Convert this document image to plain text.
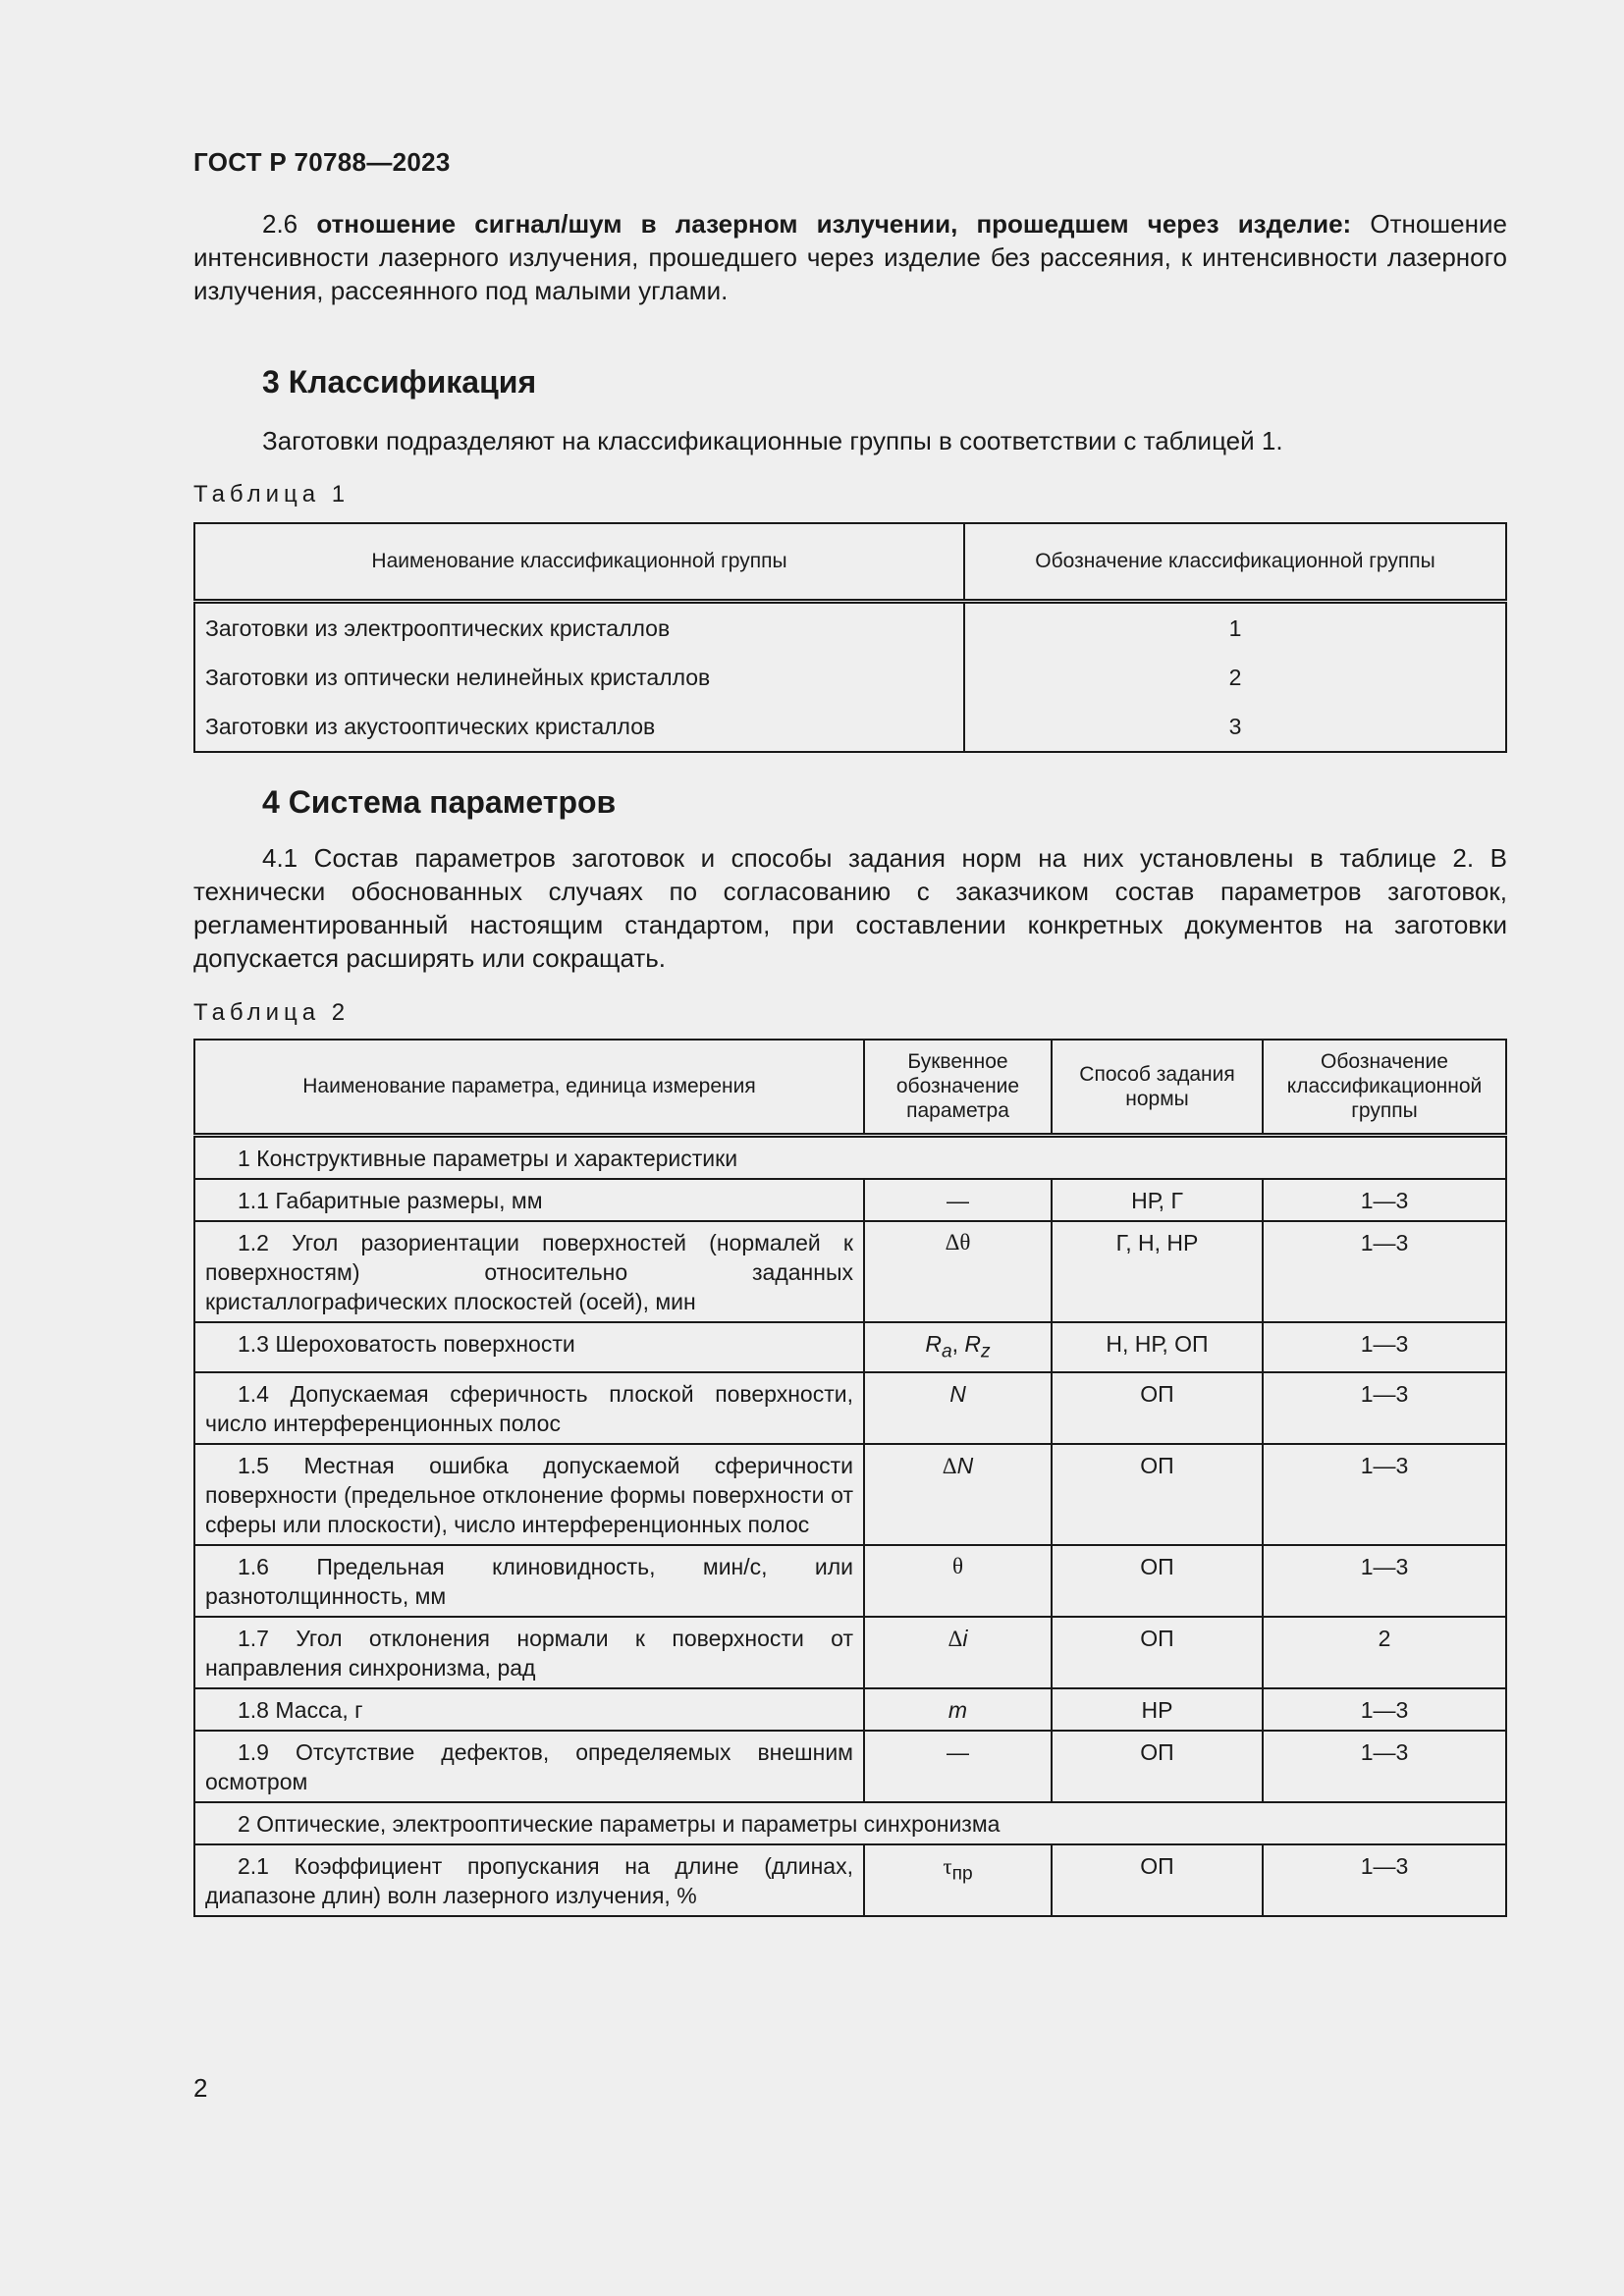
ГОСТ Р 70788—2023

2.6 отношение сигнал/шум в лазерном излучении, прошедшем через изделие: Отношение интенсивности лазерного излучения, прошедшего через изделие без рассеяния, к интенсивности лазерного излучения, рассеянного под малыми углами.

3 Классификация

Заготовки подразделяют на классификационные группы в соответствии с таблицей 1.

Таблица 1
Наименование классификационной группы	Обозначение классификационной группы
Заготовки из электрооптических кристаллов	1
Заготовки из оптически нелинейных кристаллов	2
Заготовки из акустооптических кристаллов	3
4 Система параметров

4.1 Состав параметров заготовок и способы задания норм на них установлены в таблице 2. В технически обоснованных случаях по согласованию с заказчиком состав параметров заготовок, регламентированный настоящим стандартом, при составлении конкретных документов на заготовки допускается расширять или сокращать.

Таблица 2
Наименование параметра, единица измерения	Буквенное обозначение параметра	Способ задания нормы	Обозначение классификационной группы
1 Конструктивные параметры и характеристики			
1.1 Габаритные размеры, мм	—	НР, Г	1—3
1.2 Угол разориентации поверхностей (нормалей к поверхностям) относительно заданных кристаллографических плоскостей (осей), мин	Δθ	Г, Н, НР	1—3
1.3 Шероховатость поверхности	$R_a$, $R_z$	Н, НР, ОП	1—3
1.4 Допускаемая сферичность плоской поверхности, число интерференционных полос	N	ОП	1—3
1.5 Местная ошибка допускаемой сферичности поверхности (предельное отклонение формы поверхности от сферы или плоскости), число интерференционных полос	ΔN	ОП	1—3
1.6 Предельная клиновидность, мин/с, или разнотолщинность, мм	θ	ОП	1—3
1.7 Угол отклонения нормали к поверхности от направления синхронизма, рад	Δi	ОП	2
1.8 Масса, г	m	НР	1—3
1.9 Отсутствие дефектов, определяемых внешним осмотром	—	ОП	1—3
2 Оптические, электрооптические параметры и параметры синхронизма			
2.1 Коэффициент пропускания на длине (длинах, диапазоне длин) волн лазерного излучения, %	$\tau_{пр}$	ОП	1—3
2
